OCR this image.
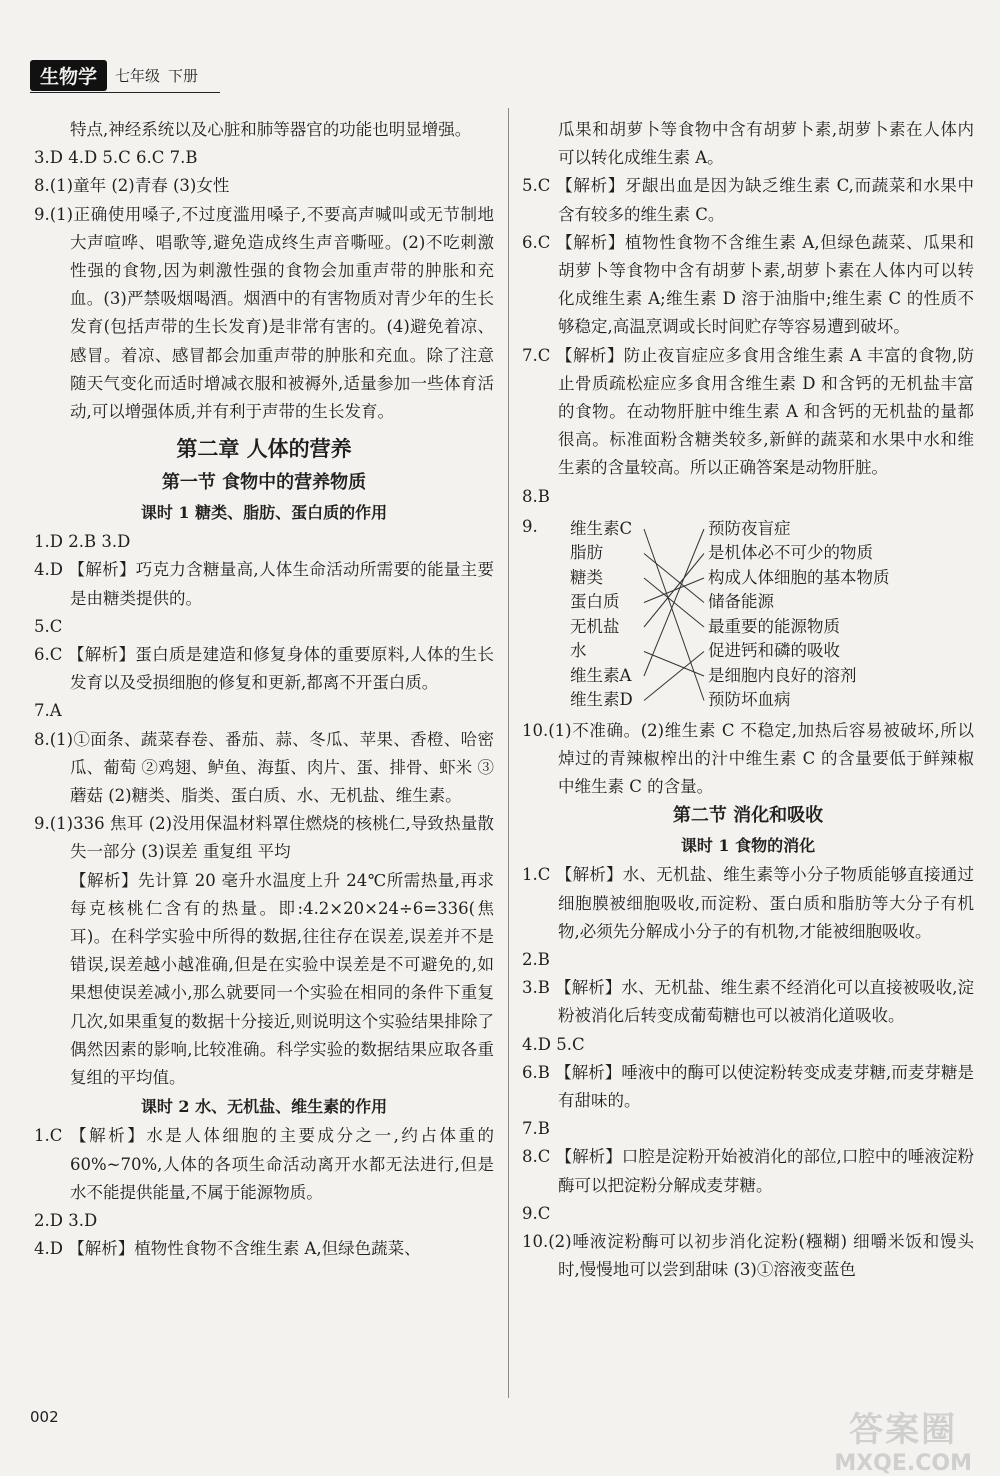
生物学	七年级 下册

特点,神经系统以及心脏和肺等器官的功能也明显增强。

3.D 4.D 5.C 6.C 7.B

8.(1)童年 (2)青春 (3)女性

9.(1)正确使用嗓子,不过度滥用嗓子,不要高声喊叫或无节制地大声喧哗、唱歌等,避免造成终生声音嘶哑。(2)不吃刺激性强的食物,因为刺激性强的食物会加重声带的肿胀和充血。(3)严禁吸烟喝酒。烟酒中的有害物质对青少年的生长发育(包括声带的生长发育)是非常有害的。(4)避免着凉、感冒。着凉、感冒都会加重声带的肿胀和充血。除了注意随天气变化而适时增减衣服和被褥外,适量参加一些体育活动,可以增强体质,并有利于声带的生长发育。

第二章 人体的营养
第一节 食物中的营养物质
课时 1 糖类、脂肪、蛋白质的作用

1.D 2.B 3.D

4.D 【解析】巧克力含糖量高,人体生命活动所需要的能量主要是由糖类提供的。

5.C

6.C 【解析】蛋白质是建造和修复身体的重要原料,人体的生长发育以及受损细胞的修复和更新,都离不开蛋白质。

7.A

8.(1)①面条、蔬菜春卷、番茄、蒜、冬瓜、苹果、香橙、哈密瓜、葡萄 ②鸡翅、鲈鱼、海蜇、肉片、蛋、排骨、虾米 ③蘑菇 (2)糖类、脂类、蛋白质、水、无机盐、维生素。

9.(1)336 焦耳 (2)没用保温材料罩住燃烧的核桃仁,导致热量散失一部分 (3)误差 重复组 平均

【解析】先计算 20 毫升水温度上升 24℃所需热量,再求每克核桃仁含有的热量。即:4.2×20×24÷6=336(焦耳)。在科学实验中所得的数据,往往存在误差,误差并不是错误,误差越小越准确,但是在实验中误差是不可避免的,如果想使误差减小,那么就要同一个实验在相同的条件下重复几次,如果重复的数据十分接近,则说明这个实验结果排除了偶然因素的影响,比较准确。科学实验的数据结果应取各重复组的平均值。

课时 2 水、无机盐、维生素的作用

1.C 【解析】水是人体细胞的主要成分之一,约占体重的 60%~70%,人体的各项生命活动离开水都无法进行,但是水不能提供能量,不属于能源物质。

2.D 3.D

4.D 【解析】植物性食物不含维生素 A,但绿色蔬菜、

瓜果和胡萝卜等食物中含有胡萝卜素,胡萝卜素在人体内可以转化成维生素 A。

5.C 【解析】牙龈出血是因为缺乏维生素 C,而蔬菜和水果中含有较多的维生素 C。

6.C 【解析】植物性食物不含维生素 A,但绿色蔬菜、瓜果和胡萝卜等食物中含有胡萝卜素,胡萝卜素在人体内可以转化成维生素 A;维生素 D 溶于油脂中;维生素 C 的性质不够稳定,高温烹调或长时间贮存等容易遭到破坏。

7.C 【解析】防止夜盲症应多食用含维生素 A 丰富的食物,防止骨质疏松症应多食用含维生素 D 和含钙的无机盐丰富的食物。在动物肝脏中维生素 A 和含钙的无机盐的量都很高。标准面粉含糖类较多,新鲜的蔬菜和水果中水和维生素的含量较高。所以正确答案是动物肝脏。

8.B

9. 维生素C
脂肪
糖类
蛋白质
无机盐
水
维生素A
维生素D
预防夜盲症
是机体必不可少的物质
构成人体细胞的基本物质
储备能源
最重要的能源物质
促进钙和磷的吸收
是细胞内良好的溶剂
预防坏血病

10.(1)不准确。(2)维生素 C 不稳定,加热后容易被破坏,所以焯过的青辣椒榨出的汁中维生素 C 的含量要低于鲜辣椒中维生素 C 的含量。

第二节 消化和吸收
课时 1 食物的消化

1.C 【解析】水、无机盐、维生素等小分子物质能够直接通过细胞膜被细胞吸收,而淀粉、蛋白质和脂肪等大分子有机物,必须先分解成小分子的有机物,才能被细胞吸收。

2.B

3.B 【解析】水、无机盐、维生素不经消化可以直接被吸收,淀粉被消化后转变成葡萄糖也可以被消化道吸收。

4.D 5.C

6.B 【解析】唾液中的酶可以使淀粉转变成麦芽糖,而麦芽糖是有甜味的。

7.B

8.C 【解析】口腔是淀粉开始被消化的部位,口腔中的唾液淀粉酶可以把淀粉分解成麦芽糖。

9.C

10.(2)唾液淀粉酶可以初步消化淀粉(糨糊) 细嚼米饭和馒头时,慢慢地可以尝到甜味 (3)①溶液变蓝色

002	答案圈
MXQE.COM
